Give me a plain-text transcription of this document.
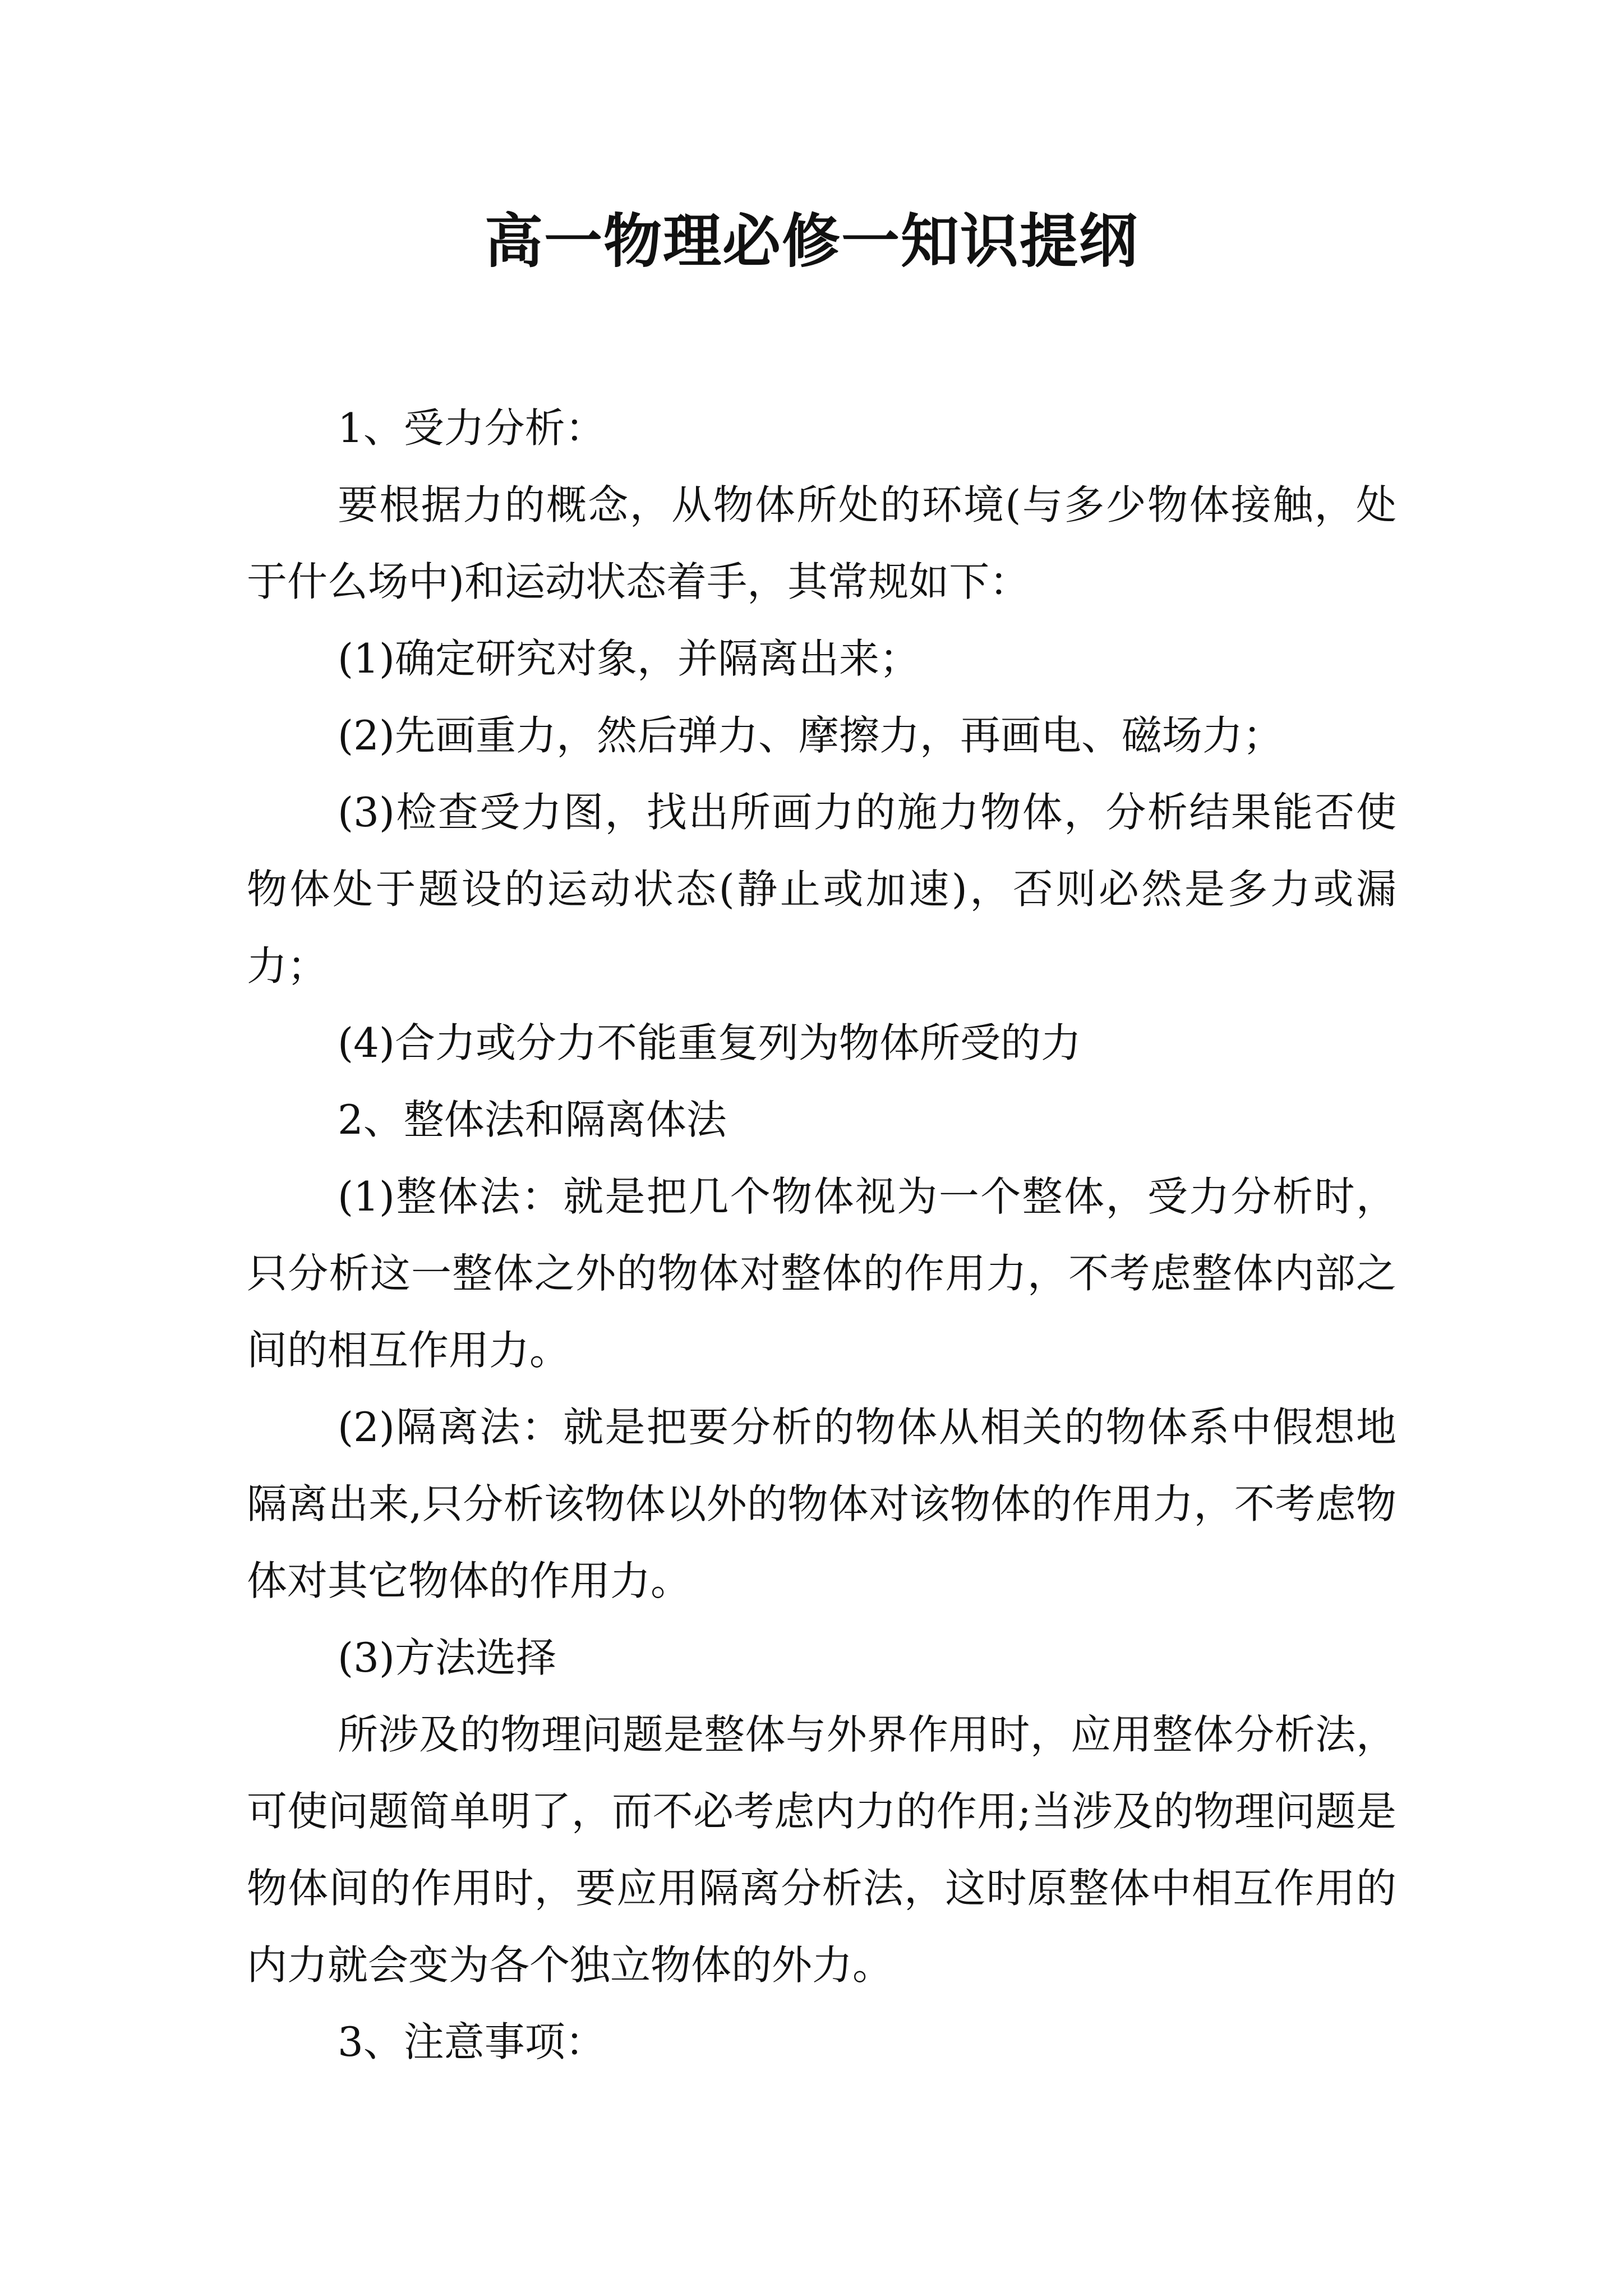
高一物理必修一知识提纲

1、受力分析：

要根据力的概念，从物体所处的环境(与多少物体接触，处于什么场中)和运动状态着手，其常规如下：

(1)确定研究对象，并隔离出来；

(2)先画重力，然后弹力、摩擦力，再画电、磁场力；

(3)检查受力图，找出所画力的施力物体，分析结果能否使物体处于题设的运动状态(静止或加速)，否则必然是多力或漏力；

(4)合力或分力不能重复列为物体所受的力

2、整体法和隔离体法

(1)整体法：就是把几个物体视为一个整体，受力分析时，只分析这一整体之外的物体对整体的作用力，不考虑整体内部之间的相互作用力。

(2)隔离法：就是把要分析的物体从相关的物体系中假想地隔离出来,只分析该物体以外的物体对该物体的作用力，不考虑物体对其它物体的作用力。

(3)方法选择

所涉及的物理问题是整体与外界作用时，应用整体分析法，可使问题简单明了，而不必考虑内力的作用;当涉及的物理问题是物体间的作用时，要应用隔离分析法，这时原整体中相互作用的内力就会变为各个独立物体的外力。

3、注意事项：
